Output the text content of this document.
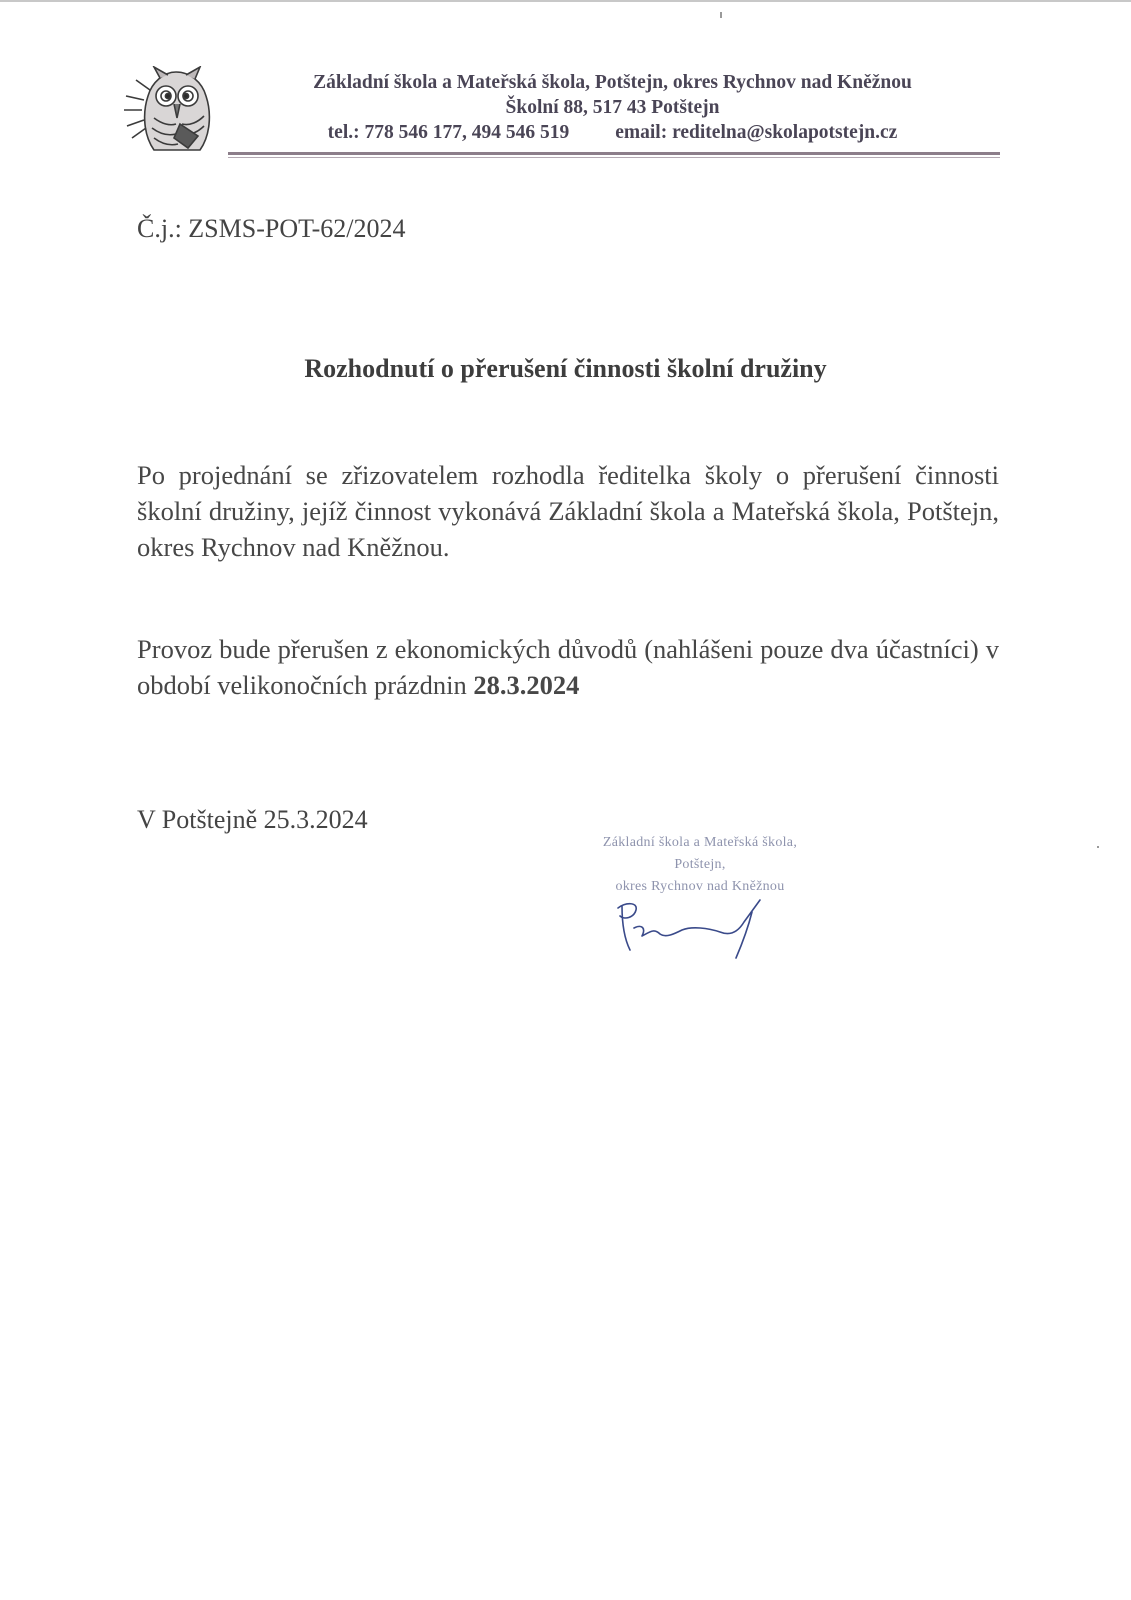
Základní škola a Mateřská škola, Potštejn, okres Rychnov nad Kněžnou
Školní 88, 517 43 Potštejn
tel.: 778 546 177, 494 546 519 email: reditelna@skolapotstejn.cz
Č.j.: ZSMS-POT-62/2024
Rozhodnutí o přerušení činnosti školní družiny
Po projednání se zřizovatelem rozhodla ředitelka školy o přerušení činnosti školní družiny, jejíž činnost vykonává Základní škola a Mateřská škola, Potštejn, okres Rychnov nad Kněžnou.
Provoz bude přerušen z ekonomických důvodů (nahlášeni pouze dva účastníci) v období velikonočních prázdnin 28.3.2024
V Potštejně 25.3.2024
Základní škola a Mateřská škola,
Potštejn,
okres Rychnov nad Kněžnou
